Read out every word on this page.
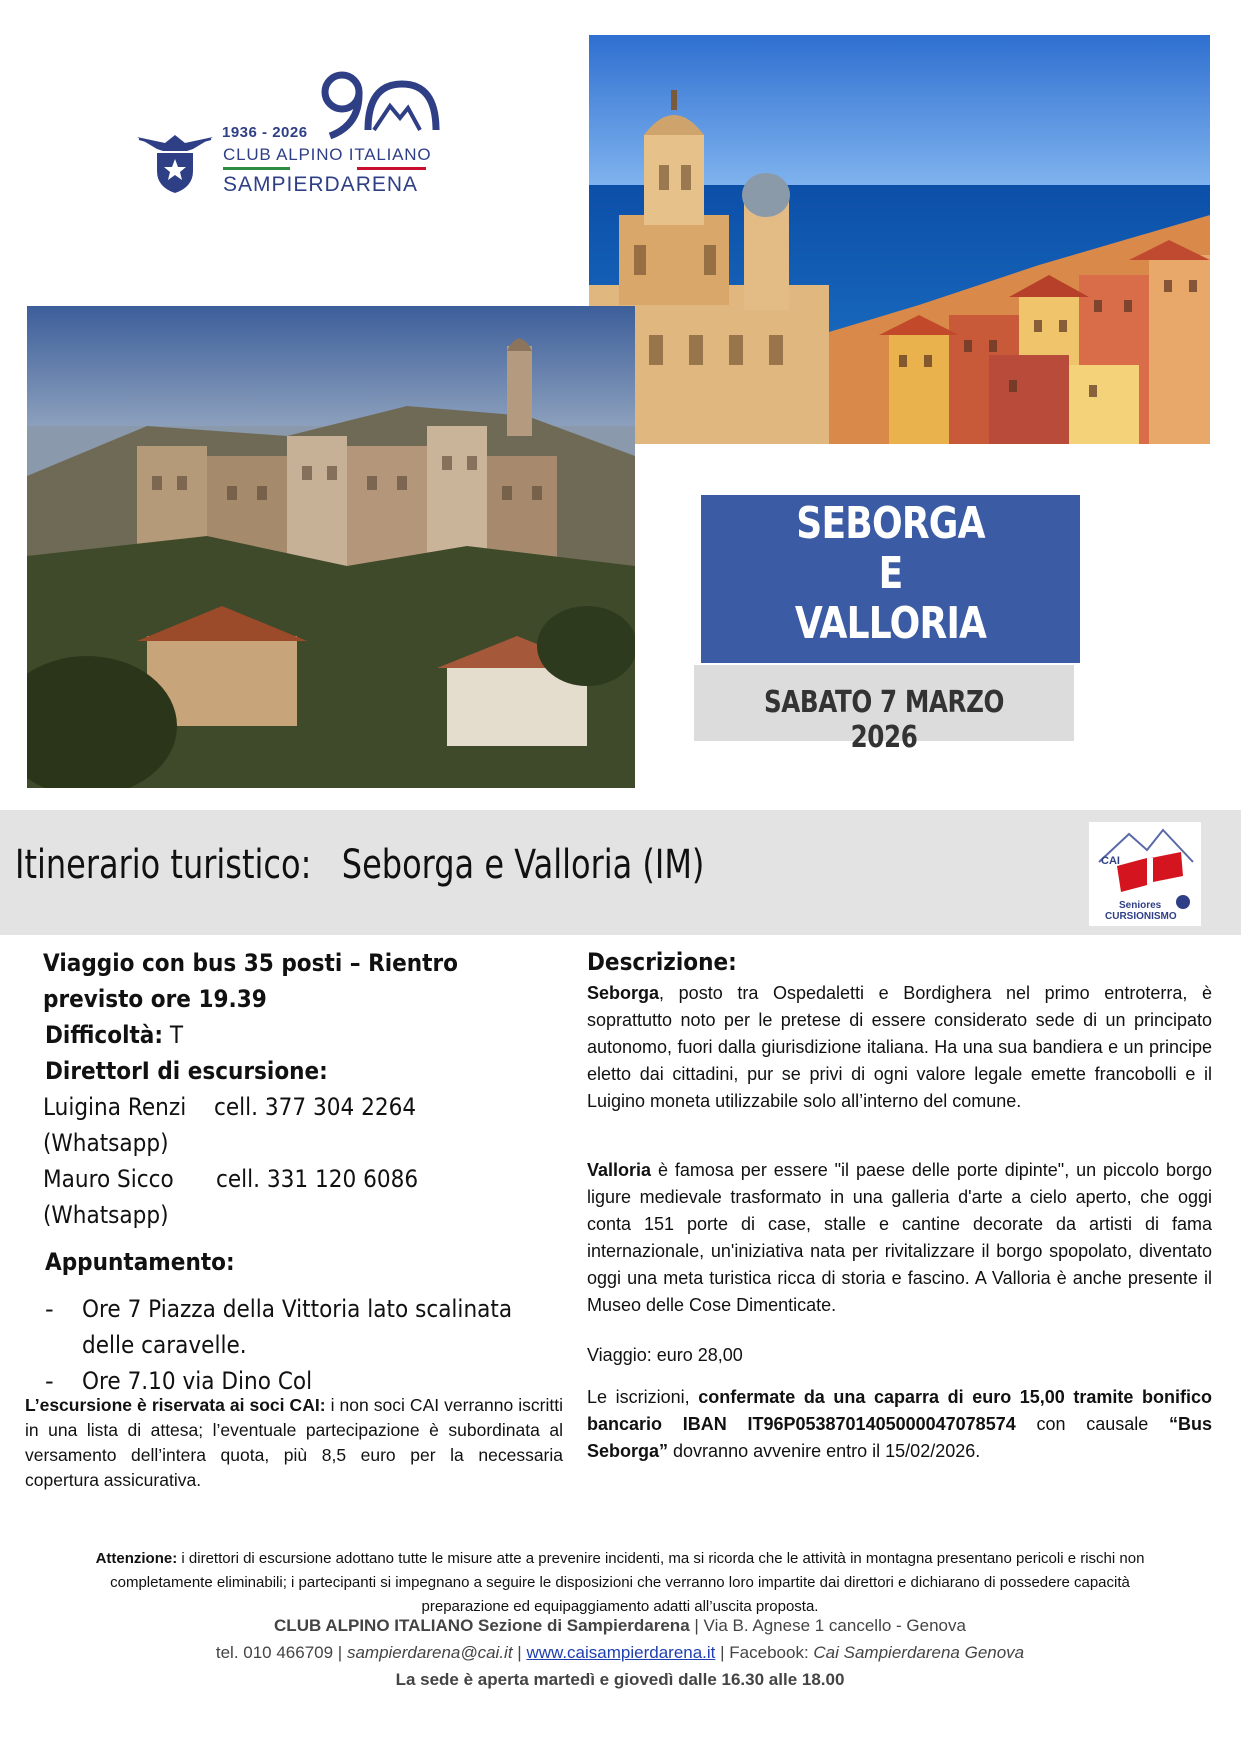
1936 - 2026
CLUB ALPINO ITALIANO
SAMPIERDARENA
SEBORGA
E
VALLORIA
SABATO 7 MARZO 2026
Itinerario turistico: Seborga e Valloria (IM)	CAI
Seniores
CURSIONISMO
Viaggio con bus 35 posti – Rientro
previsto ore 19.39
Difficoltà: T
DirettorI di escursione:
Luigina Renzi cell. 377 304 2264
(Whatsapp)
Mauro Sicco cell. 331 120 6086
(Whatsapp)
Appuntamento:
- Ore 7 Piazza della Vittoria lato scalinata
delle caravelle.
- Ore 7.10 via Dino Col
L’escursione è riservata ai soci CAI: i non soci CAI verranno iscritti in una lista di attesa; l’eventuale partecipazione è subordinata al versamento dell’intera quota, più 8,5 euro per la necessaria copertura assicurativa.
Descrizione:
Seborga, posto tra Ospedaletti e Bordighera nel primo entroterra, è soprattutto noto per le pretese di essere considerato sede di un principato autonomo, fuori dalla giurisdizione italiana. Ha una sua bandiera e un principe eletto dai cittadini, pur se privi di ogni valore legale emette francobolli e il Luigino moneta utilizzabile solo all’interno del comune.
Valloria è famosa per essere "il paese delle porte dipinte", un piccolo borgo ligure medievale trasformato in una galleria d'arte a cielo aperto, che oggi conta 151 porte di case, stalle e cantine decorate da artisti di fama internazionale, un'iniziativa nata per rivitalizzare il borgo spopolato, diventato oggi una meta turistica ricca di storia e fascino. A Valloria è anche presente il Museo delle Cose Dimenticate.
Viaggio: euro 28,00
Le iscrizioni, confermate da una caparra di euro 15,00 tramite bonifico bancario IBAN IT96P0538701405000047078574 con causale “Bus Seborga” dovranno avvenire entro il 15/02/2026.
Attenzione: i direttori di escursione adottano tutte le misure atte a prevenire incidenti, ma si ricorda che le attività in montagna presentano pericoli e rischi non completamente eliminabili; i partecipanti si impegnano a seguire le disposizioni che verranno loro impartite dai direttori e dichiarano di possedere capacità preparazione ed equipaggiamento adatti all’uscita proposta.
CLUB ALPINO ITALIANO Sezione di Sampierdarena | Via B. Agnese 1 cancello - Genova
tel. 010 466709 | sampierdarena@cai.it | www.caisampierdarena.it | Facebook: Cai Sampierdarena Genova
La sede è aperta martedì e giovedì dalle 16.30 alle 18.00
